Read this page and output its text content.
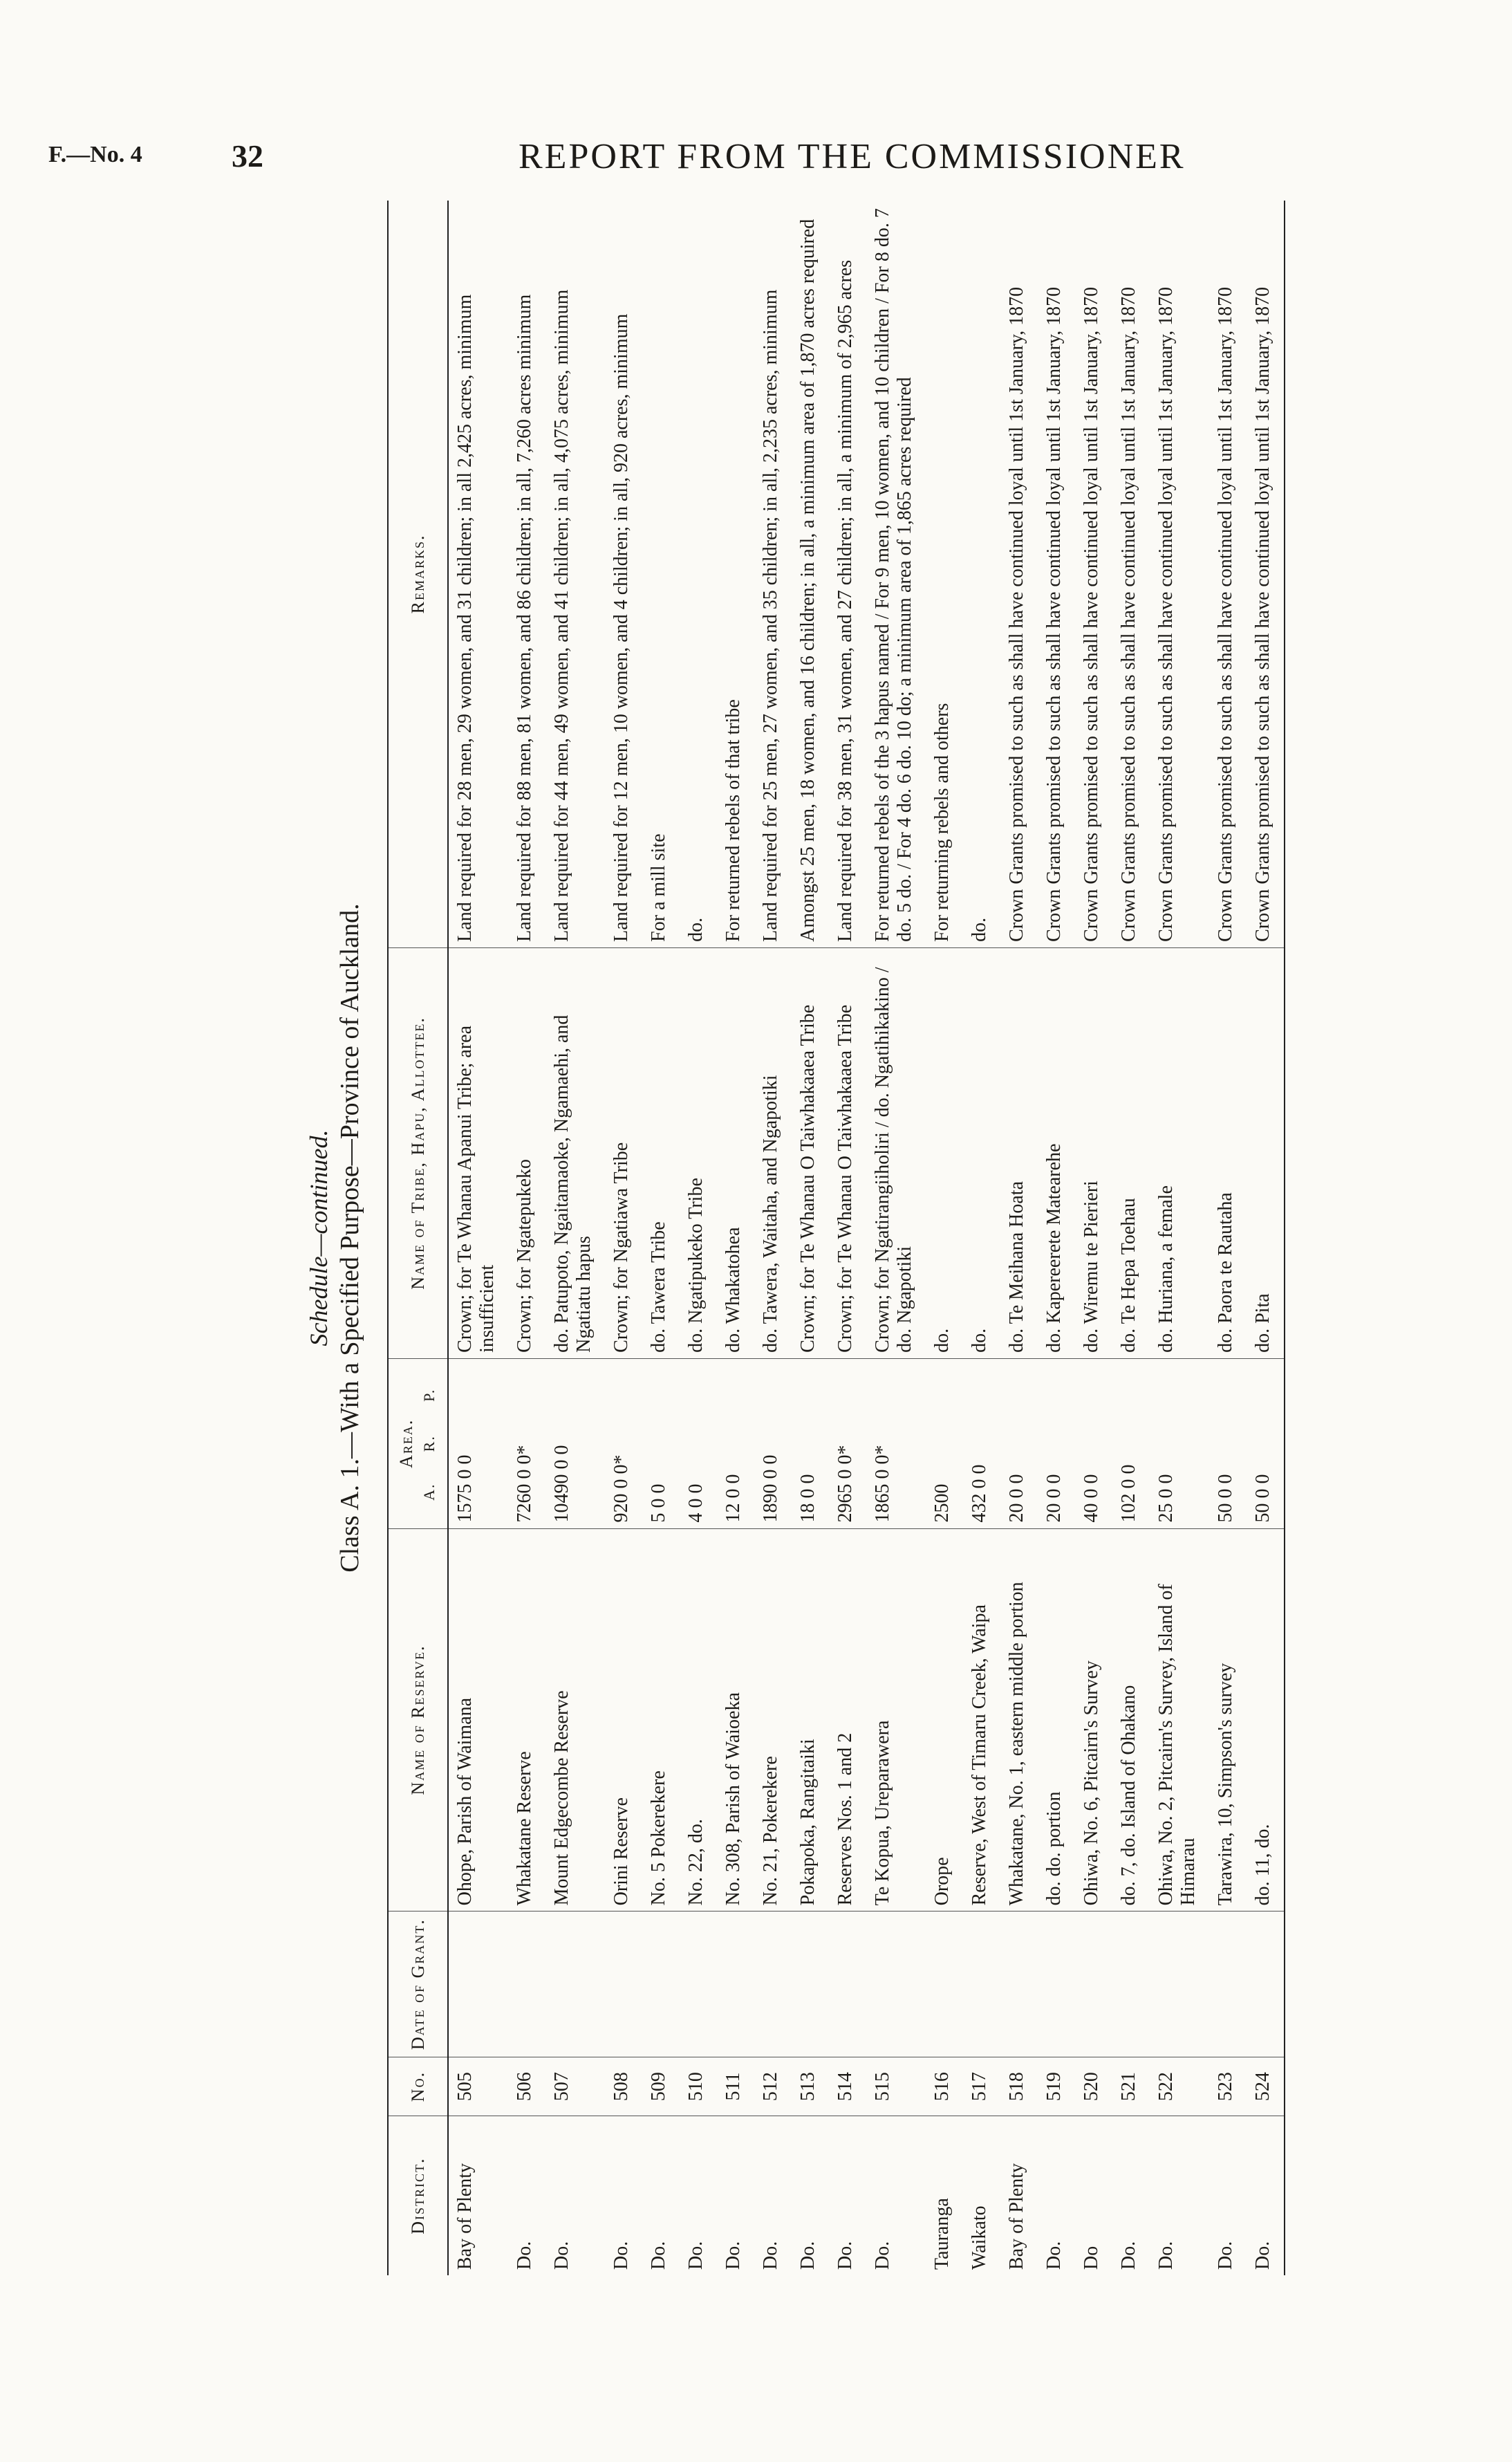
F.—No. 4	32	REPORT FROM THE COMMISSIONER
Schedule—continued. Class A. 1.—With a Specified Purpose—Province of Auckland.
District.	No.	Date of Grant.	Name of Reserve.	Area.
A.R.P.	Name of Tribe, Hapu, Allottee.	Remarks.
Bay of Plenty	505		Ohope, Parish of Waimana	1575 0 0	Crown; for Te Whanau Apanui Tribe; area insufficient	Land required for 28 men, 29 women, and 31 children; in all 2,425 acres, minimum
Do.	506		Whakatane Reserve	7260 0 0*	Crown; for Ngatepukeko	Land required for 88 men, 81 women, and 86 children; in all, 7,260 acres minimum
Do.	507		Mount Edgecombe Reserve	10490 0 0	do. Patupoto, Ngaitamaoke, Ngamaehi, and Ngatiatu hapus	Land required for 44 men, 49 women, and 41 children; in all, 4,075 acres, minimum
Do.	508		Orini Reserve	920 0 0*	Crown; for Ngatiawa Tribe	Land required for 12 men, 10 women, and 4 children; in all, 920 acres, minimum
Do.	509		No. 5 Pokerekere	5 0 0	do. Tawera Tribe	For a mill site
Do.	510		No. 22, do.	4 0 0	do. Ngatipukeko Tribe	do.
Do.	511		No. 308, Parish of Waioeka	12 0 0	do. Whakatohea	For returned rebels of that tribe
Do.	512		No. 21, Pokerekere	1890 0 0	do. Tawera, Waitaha, and Ngapotiki	Land required for 25 men, 27 women, and 35 children; in all, 2,235 acres, minimum
Do.	513		Pokapoka, Rangitaiki	18 0 0	Crown; for Te Whanau O Taiwhakaaea Tribe	Amongst 25 men, 18 women, and 16 children; in all, a minimum area of 1,870 acres required
Do.	514		Reserves Nos. 1 and 2	2965 0 0*	Crown; for Te Whanau O Taiwhakaaea Tribe	Land required for 38 men, 31 women, and 27 children; in all, a minimum of 2,965 acres
Do.	515		Te Kopua, Ureparawera	1865 0 0*	Crown; for Ngatirangiiholiri / do. Ngatihikakino / do. Ngapotiki	For returned rebels of the 3 hapus named / For 9 men, 10 women, and 10 children / For 8 do. 7 do. 5 do. / For 4 do. 6 do. 10 do; a minimum area of 1,865 acres required
Tauranga	516		Orope	2500	do.	For returning rebels and others
Waikato	517		Reserve, West of Timaru Creek, Waipa	432 0 0	do.	do.
Bay of Plenty	518		Whakatane, No. 1, eastern middle portion	20 0 0	do. Te Meihana Hoata	Crown Grants promised to such as shall have continued loyal until 1st January, 1870
Do.	519		do. do. portion	20 0 0	do. Kapereerete Matearehe	Crown Grants promised to such as shall have continued loyal until 1st January, 1870
Do	520		Ohiwa, No. 6, Pitcairn's Survey	40 0 0	do. Wiremu te Pierieri	Crown Grants promised to such as shall have continued loyal until 1st January, 1870
Do.	521		do. 7, do. Island of Ohakano	102 0 0	do. Te Hepa Toehau	Crown Grants promised to such as shall have continued loyal until 1st January, 1870
Do.	522		Ohiwa, No. 2, Pitcairn's Survey, Island of Himarau	25 0 0	do. Huriana, a female	Crown Grants promised to such as shall have continued loyal until 1st January, 1870
Do.	523		Tarawira, 10, Simpson's survey	50 0 0	do. Paora te Rautaha	Crown Grants promised to such as shall have continued loyal until 1st January, 1870
Do.	524		do. 11, do.	50 0 0	do. Pita	Crown Grants promised to such as shall have continued loyal until 1st January, 1870
